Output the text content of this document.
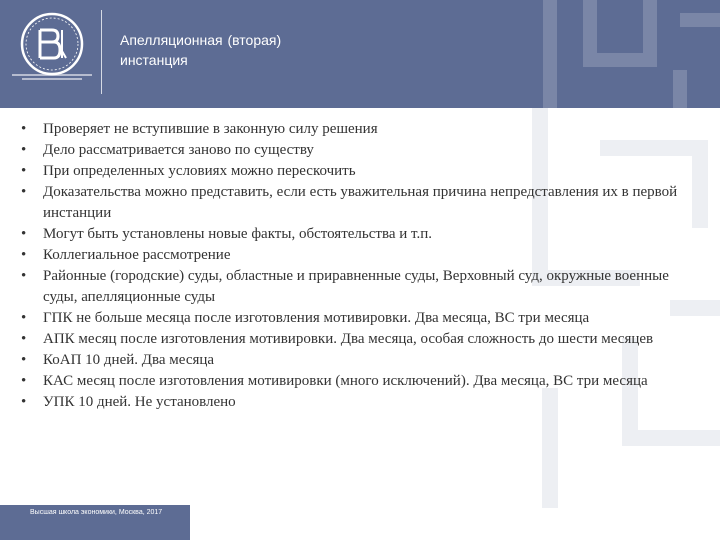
Апелляционная (вторая)
инстанция
• Проверяет не вступившие в законную силу решения
• Дело рассматривается заново по существу
• При определенных условиях можно перескочить
• Доказательства можно представить, если есть уважительная причина непредставления их в первой инстанции
• Могут быть установлены новые факты, обстоятельства и т.п.
• Коллегиальное рассмотрение
• Районные (городские) суды, областные и приравненные суды, Верховный суд, окружные военные суды, апелляционные суды
• ГПК не больше месяца после изготовления мотивировки. Два месяца, ВС три месяца
• АПК месяц после изготовления мотивировки. Два месяца, особая сложность до шести месяцев
• КоАП 10 дней. Два месяца
• КАС месяц после изготовления мотивировки (много исключений). Два месяца, ВС три месяца
• УПК 10 дней. Не установлено
Высшая школа экономики, Москва, 2017
